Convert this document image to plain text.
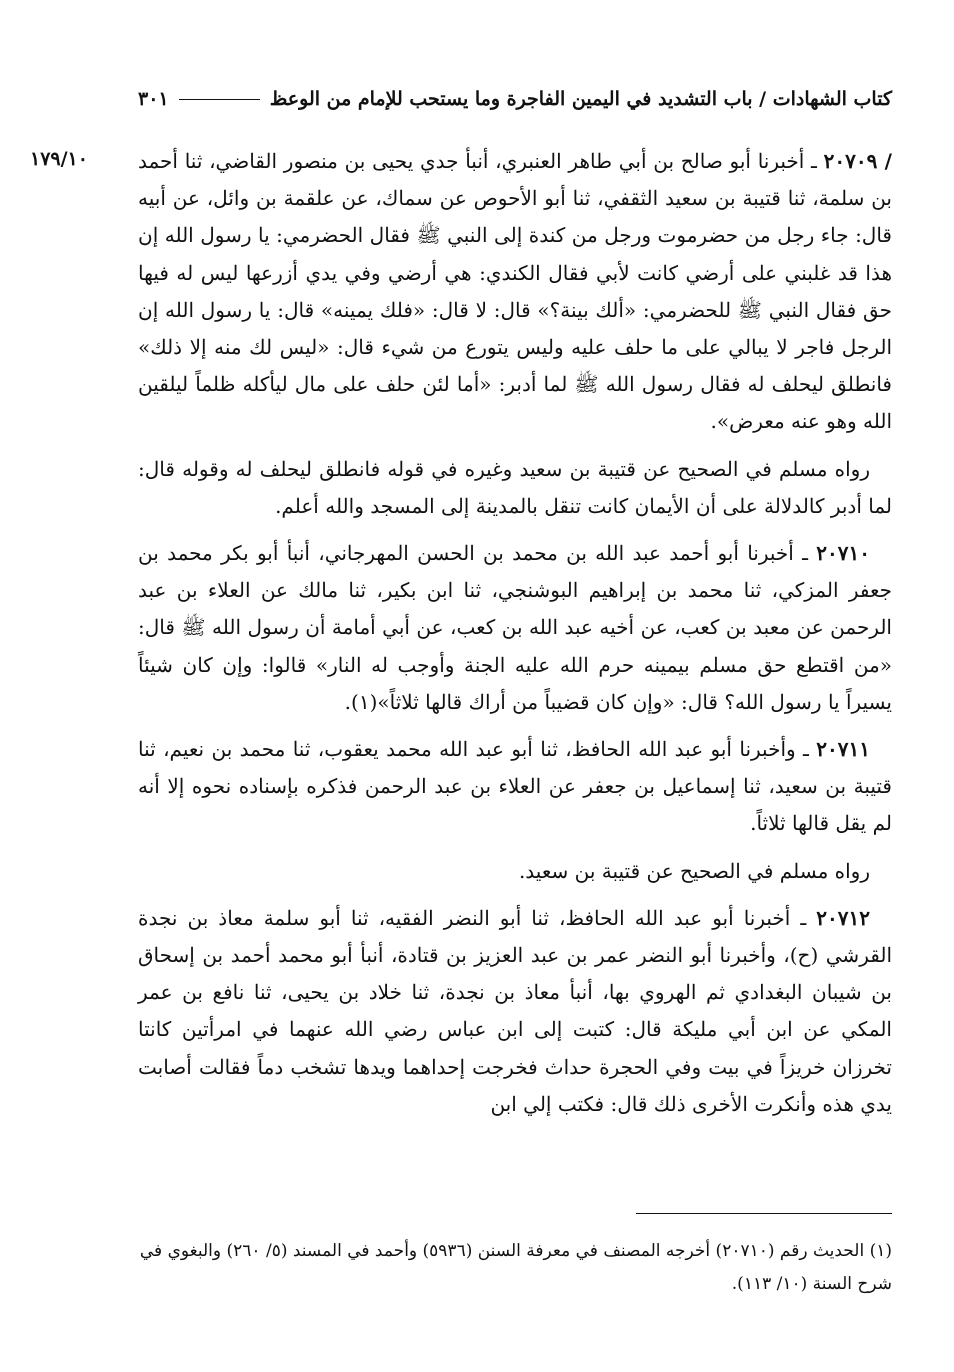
كتاب الشهادات / باب التشديد في اليمين الفاجرة وما يستحب للإمام من الوعظ
٣٠١
١٧٩/١٠	/ ٢٠٧٠٩ ـ أخبرنا أبو صالح بن أبي طاهر العنبري، أنبأ جدي يحيى بن منصور القاضي، ثنا أحمد بن سلمة، ثنا قتيبة بن سعيد الثقفي، ثنا أبو الأحوص عن سماك، عن علقمة بن وائل، عن أبيه قال: جاء رجل من حضرموت ورجل من كندة إلى النبي ﷺ فقال الحضرمي: يا رسول الله إن هذا قد غلبني على أرضي كانت لأبي فقال الكندي: هي أرضي وفي يدي أزرعها ليس له فيها حق فقال النبي ﷺ للحضرمي: «ألك بينة؟» قال: لا قال: «فلك يمينه» قال: يا رسول الله إن الرجل فاجر لا يبالي على ما حلف عليه وليس يتورع من شيء قال: «ليس لك منه إلا ذلك» فانطلق ليحلف له فقال رسول الله ﷺ لما أدبر: «أما لئن حلف على مال ليأكله ظلماً ليلقين الله وهو عنه معرض».

رواه مسلم في الصحيح عن قتيبة بن سعيد وغيره في قوله فانطلق ليحلف له وقوله قال: لما أدبر كالدلالة على أن الأيمان كانت تنقل بالمدينة إلى المسجد والله أعلم.

٢٠٧١٠ ـ أخبرنا أبو أحمد عبد الله بن محمد بن الحسن المهرجاني، أنبأ أبو بكر محمد بن جعفر المزكي، ثنا محمد بن إبراهيم البوشنجي، ثنا ابن بكير، ثنا مالك عن العلاء بن عبد الرحمن عن معبد بن كعب، عن أخيه عبد الله بن كعب، عن أبي أمامة أن رسول الله ﷺ قال: «من اقتطع حق مسلم بيمينه حرم الله عليه الجنة وأوجب له النار» قالوا: وإن كان شيئاً يسيراً يا رسول الله؟ قال: «وإن كان قضيباً من أراك قالها ثلاثاً»(١).

٢٠٧١١ ـ وأخبرنا أبو عبد الله الحافظ، ثنا أبو عبد الله محمد يعقوب، ثنا محمد بن نعيم، ثنا قتيبة بن سعيد، ثنا إسماعيل بن جعفر عن العلاء بن عبد الرحمن فذكره بإسناده نحوه إلا أنه لم يقل قالها ثلاثاً.

رواه مسلم في الصحيح عن قتيبة بن سعيد.

٢٠٧١٢ ـ أخبرنا أبو عبد الله الحافظ، ثنا أبو النضر الفقيه، ثنا أبو سلمة معاذ بن نجدة القرشي (ح)، وأخبرنا أبو النضر عمر بن عبد العزيز بن قتادة، أنبأ أبو محمد أحمد بن إسحاق بن شيبان البغدادي ثم الهروي بها، أنبأ معاذ بن نجدة، ثنا خلاد بن يحيى، ثنا نافع بن عمر المكي عن ابن أبي مليكة قال: كتبت إلى ابن عباس رضي الله عنهما في امرأتين كانتا تخرزان خريزاً في بيت وفي الحجرة حداث فخرجت إحداهما ويدها تشخب دماً فقالت أصابت يدي هذه وأنكرت الأخرى ذلك قال: فكتب إلي ابن

(١) الحديث رقم (٢٠٧١٠) أخرجه المصنف في معرفة السنن (٥٩٣٦) وأحمد في المسند (٥/ ٢٦٠) والبغوي في شرح السنة (١٠/ ١١٣).
